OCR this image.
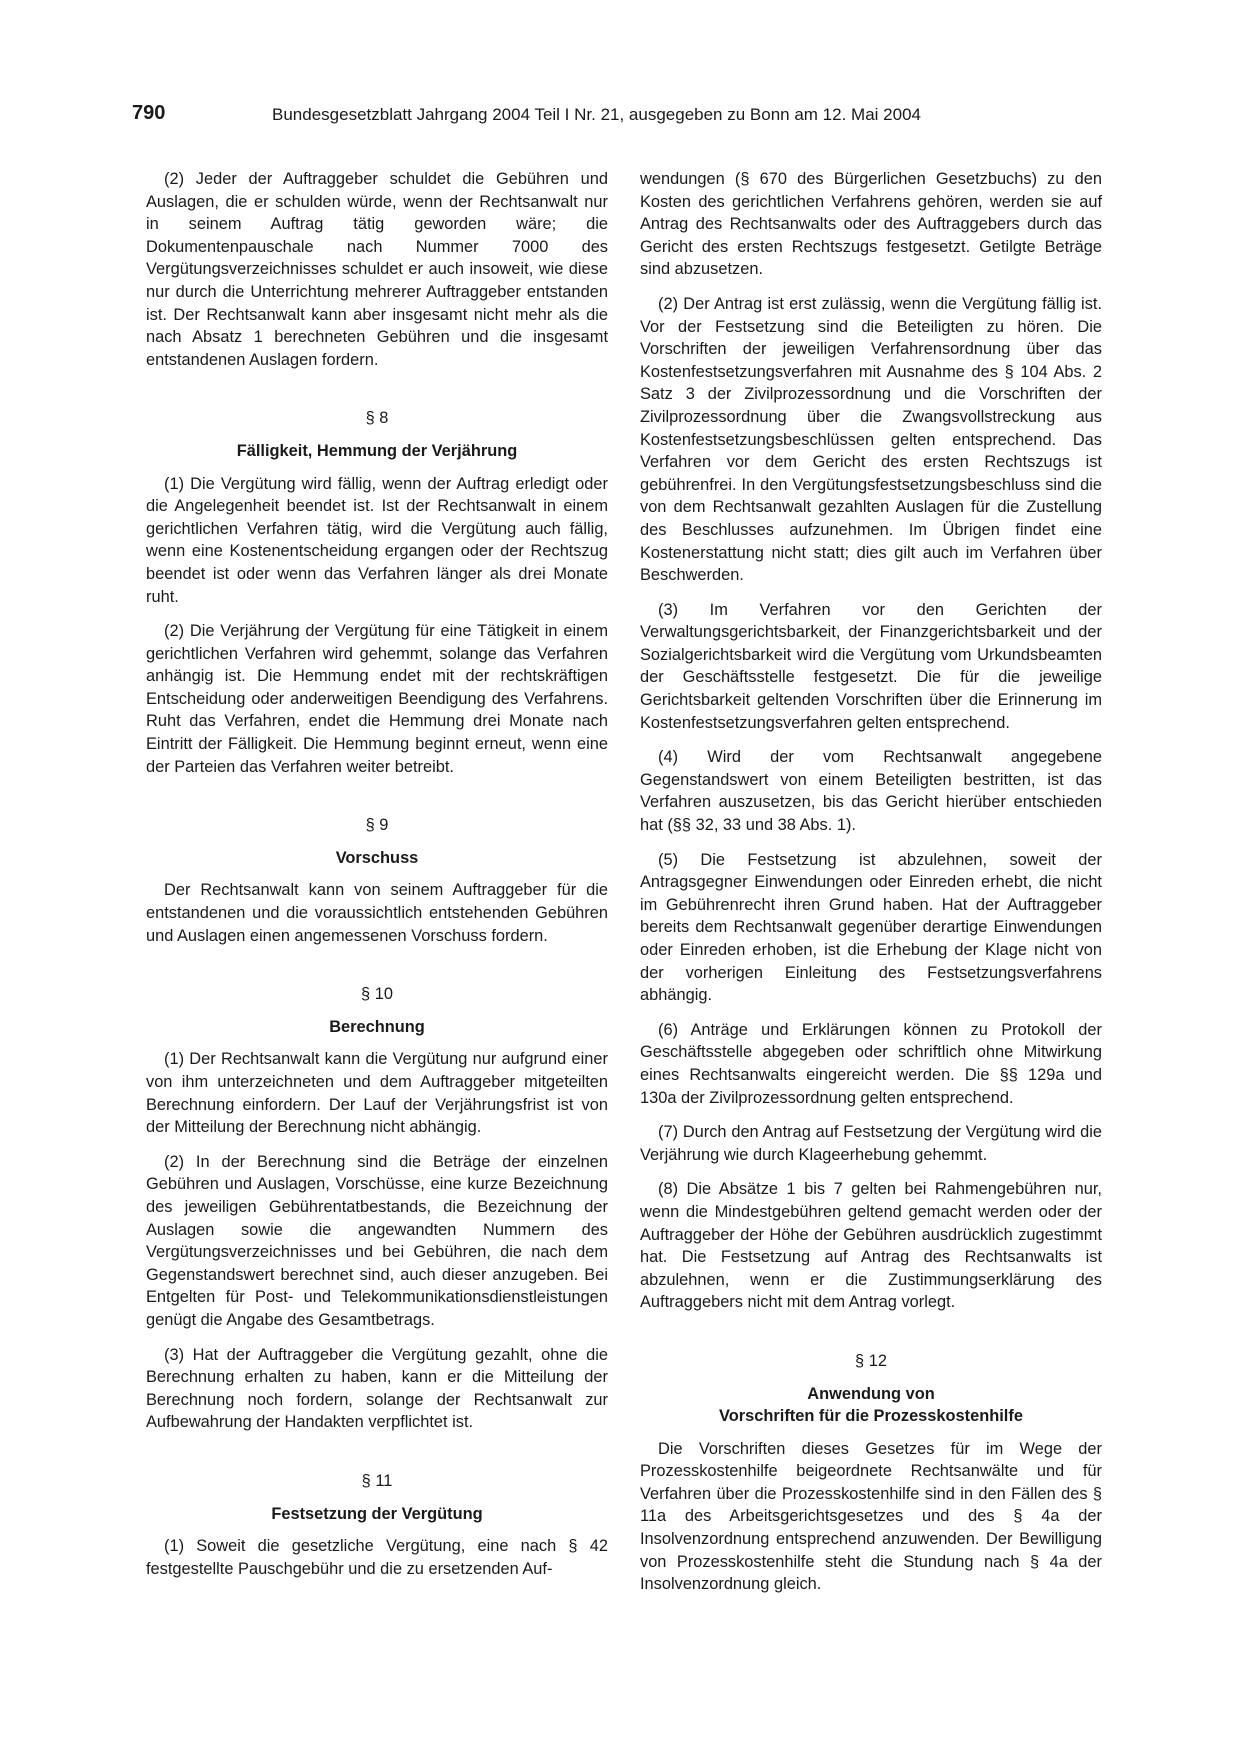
790	Bundesgesetzblatt Jahrgang 2004 Teil I Nr. 21, ausgegeben zu Bonn am 12. Mai 2004

(2) Jeder der Auftraggeber schuldet die Gebühren und Auslagen, die er schulden würde, wenn der Rechtsanwalt nur in seinem Auftrag tätig geworden wäre; die Dokumentenpauschale nach Nummer 7000 des Vergütungsverzeichnisses schuldet er auch insoweit, wie diese nur durch die Unterrichtung mehrerer Auftraggeber entstanden ist. Der Rechtsanwalt kann aber insgesamt nicht mehr als die nach Absatz 1 berechneten Gebühren und die insgesamt entstandenen Auslagen fordern.

§ 8
Fälligkeit, Hemmung der Verjährung

(1) Die Vergütung wird fällig, wenn der Auftrag erledigt oder die Angelegenheit beendet ist. Ist der Rechtsanwalt in einem gerichtlichen Verfahren tätig, wird die Vergütung auch fällig, wenn eine Kostenentscheidung ergangen oder der Rechtszug beendet ist oder wenn das Verfahren länger als drei Monate ruht.

(2) Die Verjährung der Vergütung für eine Tätigkeit in einem gerichtlichen Verfahren wird gehemmt, solange das Verfahren anhängig ist. Die Hemmung endet mit der rechtskräftigen Entscheidung oder anderweitigen Beendigung des Verfahrens. Ruht das Verfahren, endet die Hemmung drei Monate nach Eintritt der Fälligkeit. Die Hemmung beginnt erneut, wenn eine der Parteien das Verfahren weiter betreibt.

§ 9
Vorschuss

Der Rechtsanwalt kann von seinem Auftraggeber für die entstandenen und die voraussichtlich entstehenden Gebühren und Auslagen einen angemessenen Vorschuss fordern.

§ 10
Berechnung

(1) Der Rechtsanwalt kann die Vergütung nur aufgrund einer von ihm unterzeichneten und dem Auftraggeber mitgeteilten Berechnung einfordern. Der Lauf der Verjährungsfrist ist von der Mitteilung der Berechnung nicht abhängig.

(2) In der Berechnung sind die Beträge der einzelnen Gebühren und Auslagen, Vorschüsse, eine kurze Bezeichnung des jeweiligen Gebührentatbestands, die Bezeichnung der Auslagen sowie die angewandten Nummern des Vergütungsverzeichnisses und bei Gebühren, die nach dem Gegenstandswert berechnet sind, auch dieser anzugeben. Bei Entgelten für Post- und Telekommunikationsdienstleistungen genügt die Angabe des Gesamtbetrags.

(3) Hat der Auftraggeber die Vergütung gezahlt, ohne die Berechnung erhalten zu haben, kann er die Mitteilung der Berechnung noch fordern, solange der Rechtsanwalt zur Aufbewahrung der Handakten verpflichtet ist.

§ 11
Festsetzung der Vergütung

(1) Soweit die gesetzliche Vergütung, eine nach § 42 festgestellte Pauschgebühr und die zu ersetzenden Auf-

wendungen (§ 670 des Bürgerlichen Gesetzbuchs) zu den Kosten des gerichtlichen Verfahrens gehören, werden sie auf Antrag des Rechtsanwalts oder des Auftraggebers durch das Gericht des ersten Rechtszugs festgesetzt. Getilgte Beträge sind abzusetzen.

(2) Der Antrag ist erst zulässig, wenn die Vergütung fällig ist. Vor der Festsetzung sind die Beteiligten zu hören. Die Vorschriften der jeweiligen Verfahrensordnung über das Kostenfestsetzungsverfahren mit Ausnahme des § 104 Abs. 2 Satz 3 der Zivilprozessordnung und die Vorschriften der Zivilprozessordnung über die Zwangsvollstreckung aus Kostenfestsetzungsbeschlüssen gelten entsprechend. Das Verfahren vor dem Gericht des ersten Rechtszugs ist gebührenfrei. In den Vergütungsfestsetzungsbeschluss sind die von dem Rechtsanwalt gezahlten Auslagen für die Zustellung des Beschlusses aufzunehmen. Im Übrigen findet eine Kostenerstattung nicht statt; dies gilt auch im Verfahren über Beschwerden.

(3) Im Verfahren vor den Gerichten der Verwaltungsgerichtsbarkeit, der Finanzgerichtsbarkeit und der Sozialgerichtsbarkeit wird die Vergütung vom Urkundsbeamten der Geschäftsstelle festgesetzt. Die für die jeweilige Gerichtsbarkeit geltenden Vorschriften über die Erinnerung im Kostenfestsetzungsverfahren gelten entsprechend.

(4) Wird der vom Rechtsanwalt angegebene Gegenstandswert von einem Beteiligten bestritten, ist das Verfahren auszusetzen, bis das Gericht hierüber entschieden hat (§§ 32, 33 und 38 Abs. 1).

(5) Die Festsetzung ist abzulehnen, soweit der Antragsgegner Einwendungen oder Einreden erhebt, die nicht im Gebührenrecht ihren Grund haben. Hat der Auftraggeber bereits dem Rechtsanwalt gegenüber derartige Einwendungen oder Einreden erhoben, ist die Erhebung der Klage nicht von der vorherigen Einleitung des Festsetzungsverfahrens abhängig.

(6) Anträge und Erklärungen können zu Protokoll der Geschäftsstelle abgegeben oder schriftlich ohne Mitwirkung eines Rechtsanwalts eingereicht werden. Die §§ 129a und 130a der Zivilprozessordnung gelten entsprechend.

(7) Durch den Antrag auf Festsetzung der Vergütung wird die Verjährung wie durch Klageerhebung gehemmt.

(8) Die Absätze 1 bis 7 gelten bei Rahmengebühren nur, wenn die Mindestgebühren geltend gemacht werden oder der Auftraggeber der Höhe der Gebühren ausdrücklich zugestimmt hat. Die Festsetzung auf Antrag des Rechtsanwalts ist abzulehnen, wenn er die Zustimmungserklärung des Auftraggebers nicht mit dem Antrag vorlegt.

§ 12
Anwendung von
Vorschriften für die Prozesskostenhilfe

Die Vorschriften dieses Gesetzes für im Wege der Prozesskostenhilfe beigeordnete Rechtsanwälte und für Verfahren über die Prozesskostenhilfe sind in den Fällen des § 11a des Arbeitsgerichtsgesetzes und des § 4a der Insolvenzordnung entsprechend anzuwenden. Der Bewilligung von Prozesskostenhilfe steht die Stundung nach § 4a der Insolvenzordnung gleich.
